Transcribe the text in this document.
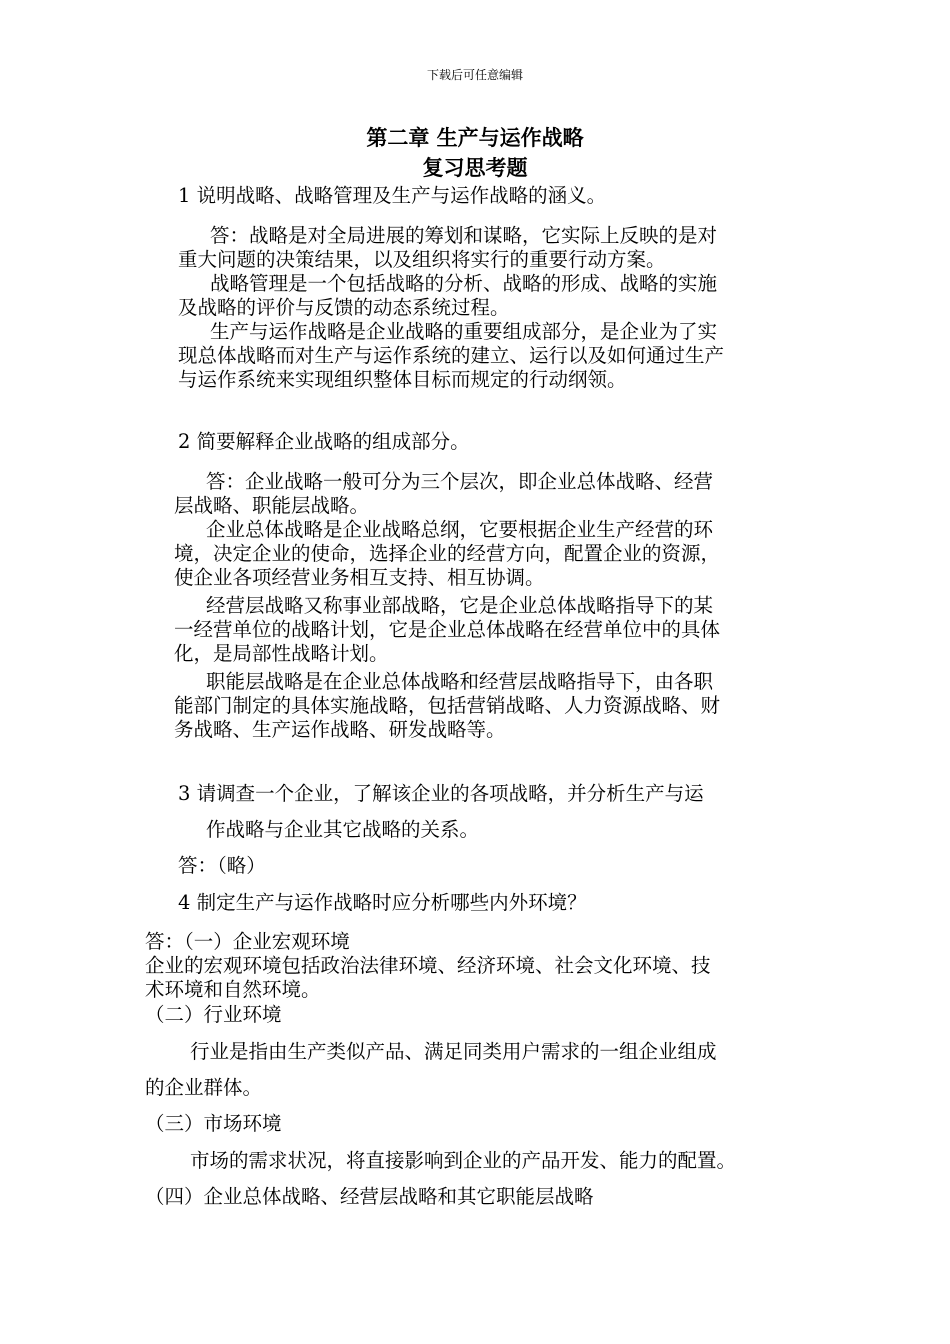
下载后可任意编辑
第二章 生产与运作战略
复习思考题
1 说明战略、战略管理及生产与运作战略的涵义。
答：战略是对全局进展的筹划和谋略，它实际上反映的是对
重大问题的决策结果，以及组织将实行的重要行动方案。
战略管理是一个包括战略的分析、战略的形成、战略的实施
及战略的评价与反馈的动态系统过程。
生产与运作战略是企业战略的重要组成部分，是企业为了实
现总体战略而对生产与运作系统的建立、运行以及如何通过生产
与运作系统来实现组织整体目标而规定的行动纲领。
2 简要解释企业战略的组成部分。
答：企业战略一般可分为三个层次，即企业总体战略、经营
层战略、职能层战略。
企业总体战略是企业战略总纲，它要根据企业生产经营的环
境，决定企业的使命，选择企业的经营方向，配置企业的资源，
使企业各项经营业务相互支持、相互协调。
经营层战略又称事业部战略，它是企业总体战略指导下的某
一经营单位的战略计划，它是企业总体战略在经营单位中的具体
化，是局部性战略计划。
职能层战略是在企业总体战略和经营层战略指导下，由各职
能部门制定的具体实施战略，包括营销战略、人力资源战略、财
务战略、生产运作战略、研发战略等。
3 请调查一个企业，了解该企业的各项战略，并分析生产与运
作战略与企业其它战略的关系。
答：（略）
4 制定生产与运作战略时应分析哪些内外环境？
答：（一）企业宏观环境
企业的宏观环境包括政治法律环境、经济环境、社会文化环境、技
术环境和自然环境。
（二）行业环境
行业是指由生产类似产品、满足同类用户需求的一组企业组成
的企业群体。
（三）市场环境
市场的需求状况，将直接影响到企业的产品开发、能力的配置。
（四）企业总体战略、经营层战略和其它职能层战略
